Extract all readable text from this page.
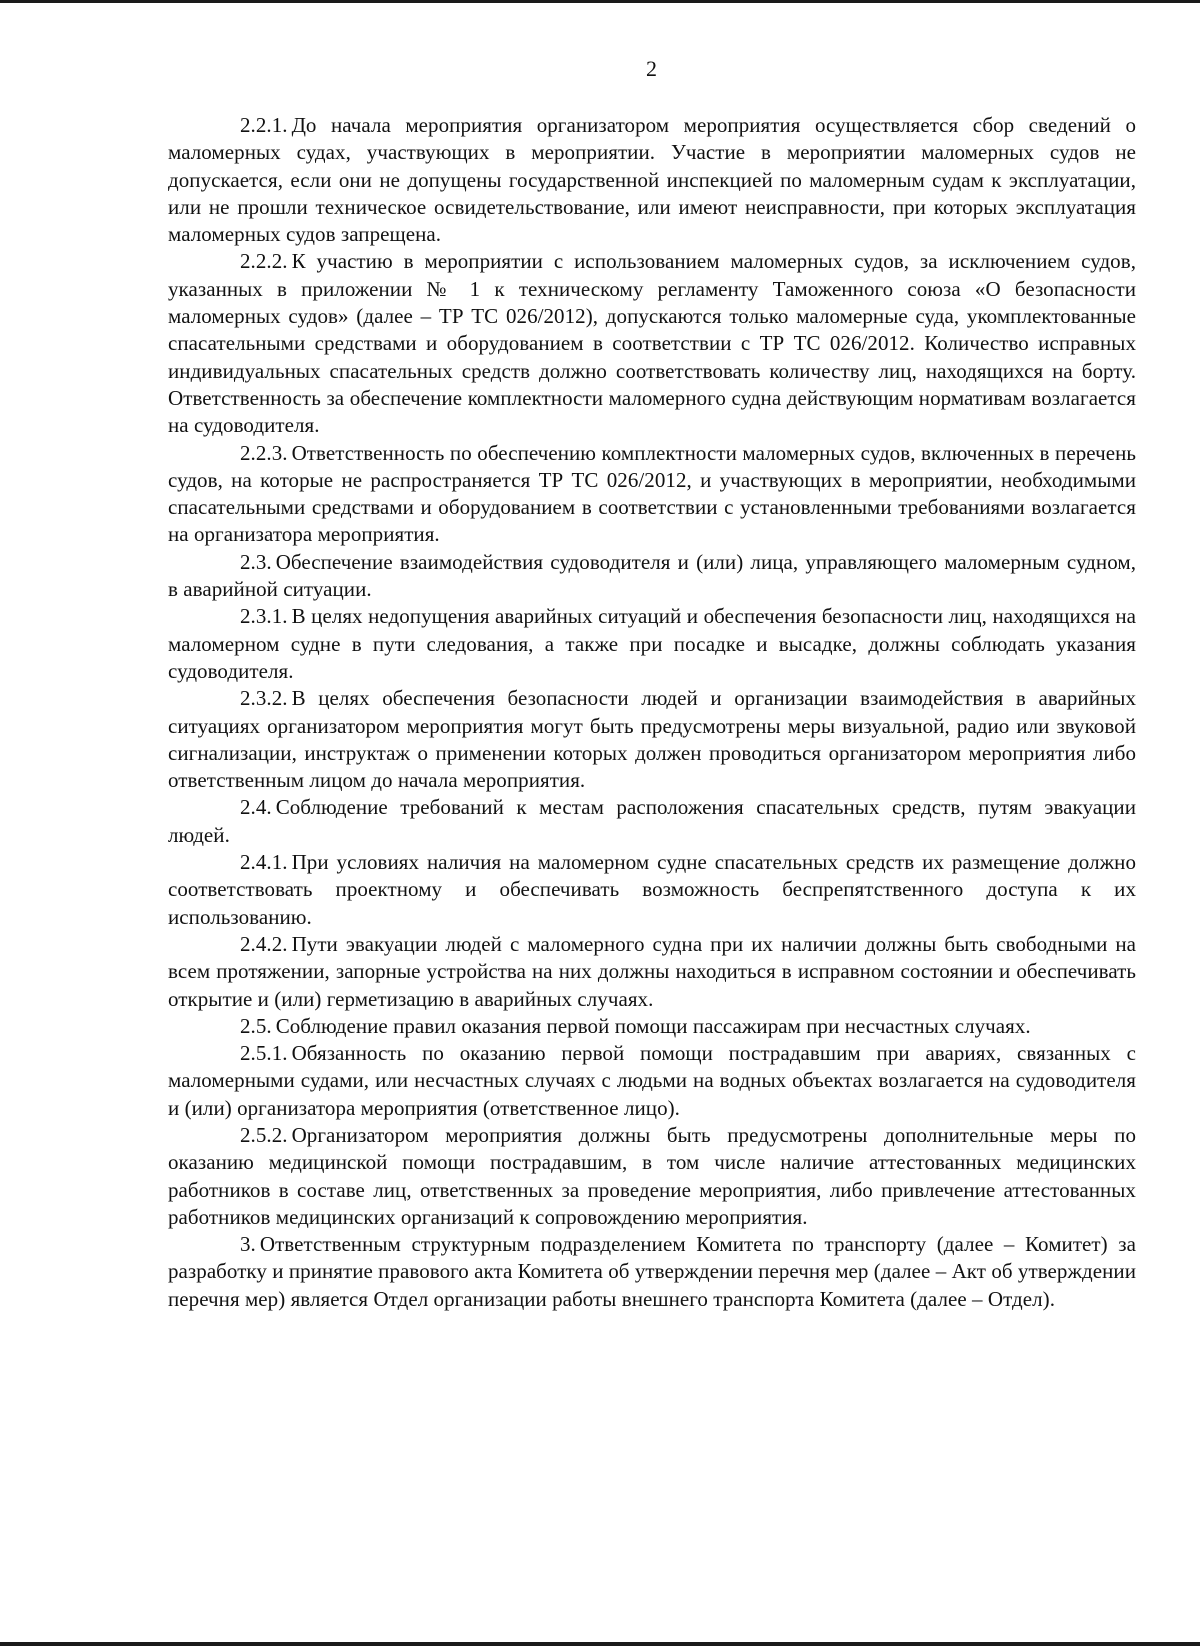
2

2.2.1. До начала мероприятия организатором мероприятия осуществляется сбор сведений о маломерных судах, участвующих в мероприятии. Участие в мероприятии маломерных судов не допускается, если они не допущены государственной инспекцией по маломерным судам к эксплуатации, или не прошли техническое освидетельствование, или имеют неисправности, при которых эксплуатация маломерных судов запрещена.

2.2.2. К участию в мероприятии с использованием маломерных судов, за исключением судов, указанных в приложении № 1 к техническому регламенту Таможенного союза «О безопасности маломерных судов» (далее – ТР ТС 026/2012), допускаются только маломерные суда, укомплектованные спасательными средствами и оборудованием в соответствии с ТР ТС 026/2012. Количество исправных индивидуальных спасательных средств должно соответствовать количеству лиц, находящихся на борту. Ответственность за обеспечение комплектности маломерного судна действующим нормативам возлагается на судоводителя.

2.2.3. Ответственность по обеспечению комплектности маломерных судов, включенных в перечень судов, на которые не распространяется ТР ТС 026/2012, и участвующих в мероприятии, необходимыми спасательными средствами и оборудованием в соответствии с установленными требованиями возлагается на организатора мероприятия.

2.3. Обеспечение взаимодействия судоводителя и (или) лица, управляющего маломерным судном, в аварийной ситуации.

2.3.1. В целях недопущения аварийных ситуаций и обеспечения безопасности лиц, находящихся на маломерном судне в пути следования, а также при посадке и высадке, должны соблюдать указания судоводителя.

2.3.2. В целях обеспечения безопасности людей и организации взаимодействия в аварийных ситуациях организатором мероприятия могут быть предусмотрены меры визуальной, радио или звуковой сигнализации, инструктаж о применении которых должен проводиться организатором мероприятия либо ответственным лицом до начала мероприятия.

2.4. Соблюдение требований к местам расположения спасательных средств, путям эвакуации людей.

2.4.1. При условиях наличия на маломерном судне спасательных средств их размещение должно соответствовать проектному и обеспечивать возможность беспрепятственного доступа к их использованию.

2.4.2. Пути эвакуации людей с маломерного судна при их наличии должны быть свободными на всем протяжении, запорные устройства на них должны находиться в исправном состоянии и обеспечивать открытие и (или) герметизацию в аварийных случаях.

2.5. Соблюдение правил оказания первой помощи пассажирам при несчастных случаях.

2.5.1. Обязанность по оказанию первой помощи пострадавшим при авариях, связанных с маломерными судами, или несчастных случаях с людьми на водных объектах возлагается на судоводителя и (или) организатора мероприятия (ответственное лицо).

2.5.2. Организатором мероприятия должны быть предусмотрены дополнительные меры по оказанию медицинской помощи пострадавшим, в том числе наличие аттестованных медицинских работников в составе лиц, ответственных за проведение мероприятия, либо привлечение аттестованных работников медицинских организаций к сопровождению мероприятия.

3. Ответственным структурным подразделением Комитета по транспорту (далее – Комитет) за разработку и принятие правового акта Комитета об утверждении перечня мер (далее – Акт об утверждении перечня мер) является Отдел организации работы внешнего транспорта Комитета (далее – Отдел).
